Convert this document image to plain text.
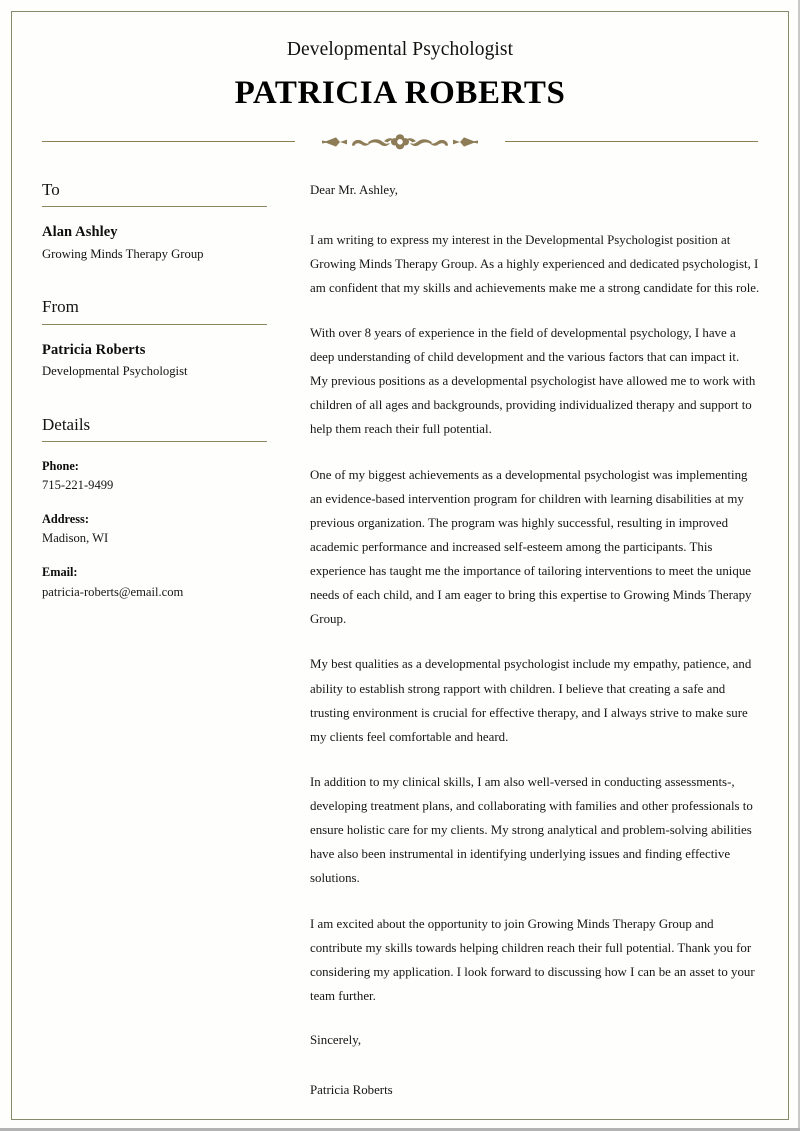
Developmental Psychologist
PATRICIA ROBERTS
To
Alan Ashley
Growing Minds Therapy Group
From
Patricia Roberts
Developmental Psychologist
Details
Phone:
715-221-9499
Address:
Madison, WI
Email:
patricia-roberts@email.com
Dear Mr. Ashley,

I am writing to express my interest in the Developmental Psychologist position at Growing Minds Therapy Group. As a highly experienced and dedicated psychologist, I am confident that my skills and achievements make me a strong candidate for this role.

With over 8 years of experience in the field of developmental psychology, I have a deep understanding of child development and the various factors that can impact it. My previous positions as a developmental psychologist have allowed me to work with children of all ages and backgrounds, providing individualized therapy and support to help them reach their full potential.

One of my biggest achievements as a developmental psychologist was implementing an evidence-based intervention program for children with learning disabilities at my previous organization. The program was highly successful, resulting in improved academic performance and increased self-esteem among the participants. This experience has taught me the importance of tailoring interventions to meet the unique needs of each child, and I am eager to bring this expertise to Growing Minds Therapy Group.

My best qualities as a developmental psychologist include my empathy, patience, and ability to establish strong rapport with children. I believe that creating a safe and trusting environment is crucial for effective therapy, and I always strive to make sure my clients feel comfortable and heard.

In addition to my clinical skills, I am also well-versed in conducting assessments-, developing treatment plans, and collaborating with families and other professionals to ensure holistic care for my clients. My strong analytical and problem-solving abilities have also been instrumental in identifying underlying issues and finding effective solutions.

I am excited about the opportunity to join Growing Minds Therapy Group and contribute my skills towards helping children reach their full potential. Thank you for considering my application. I look forward to discussing how I can be an asset to your team further.

Sincerely,
Patricia Roberts
